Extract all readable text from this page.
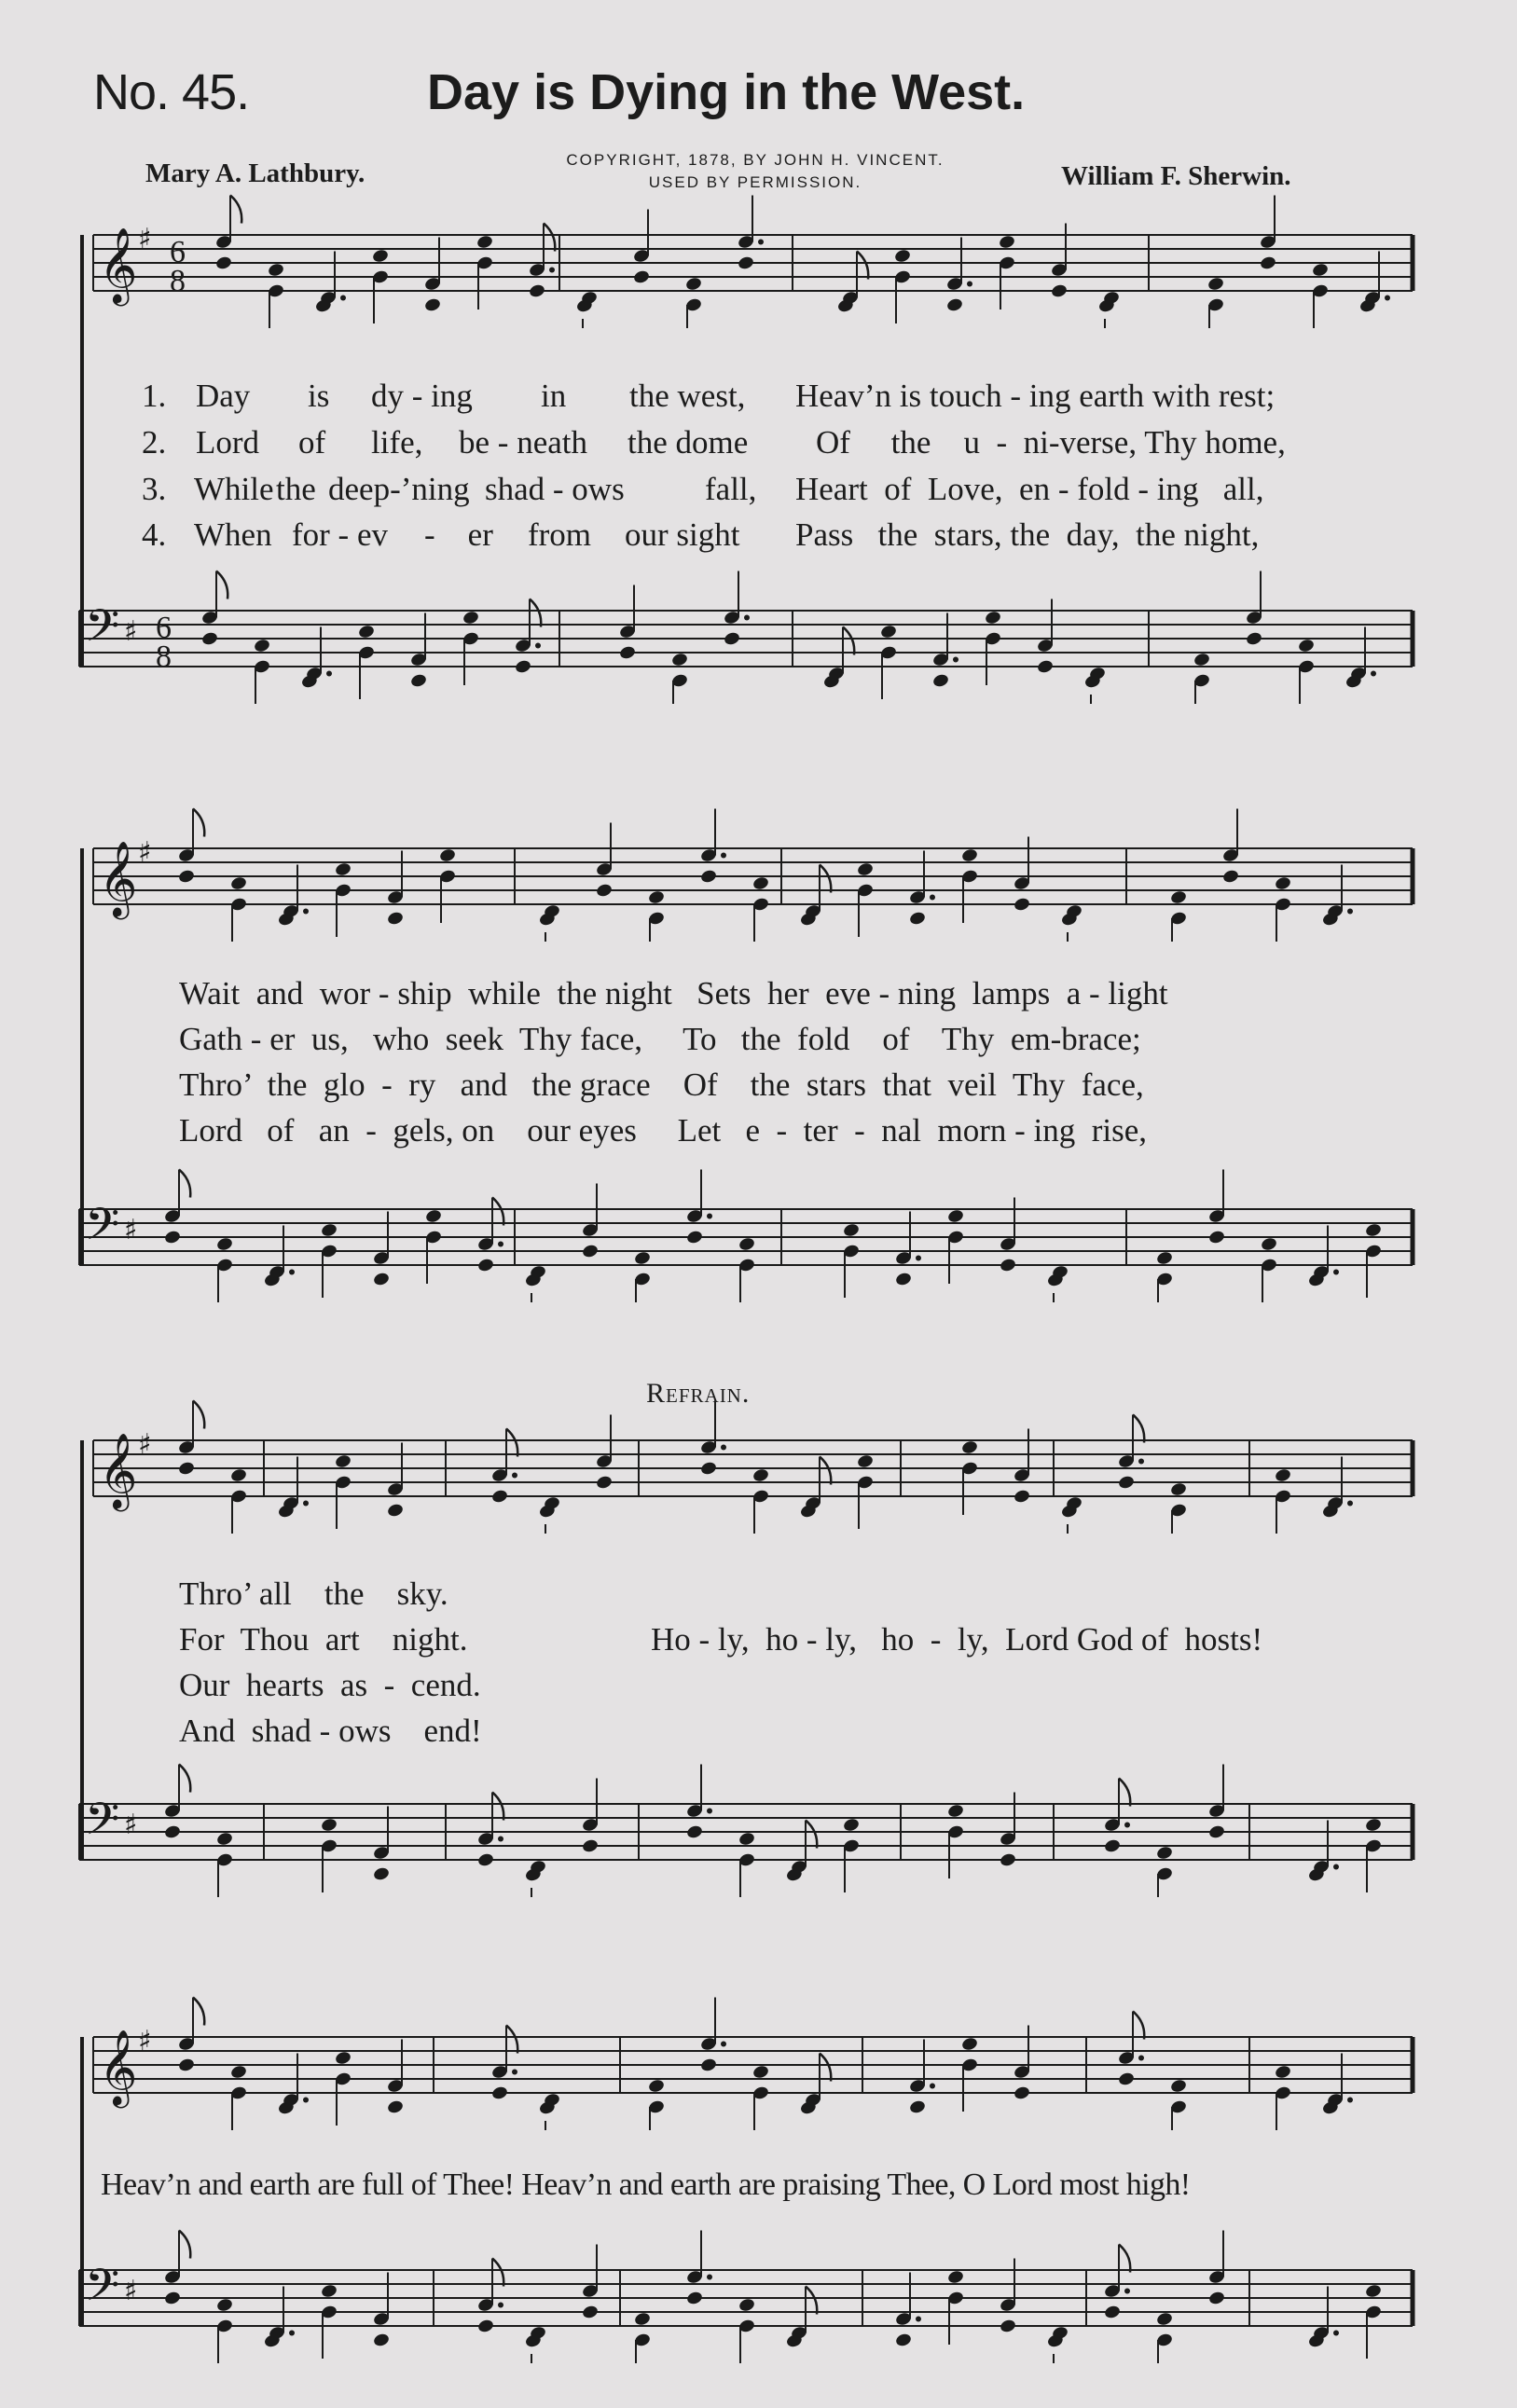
No. 45.	Day is Dying in the West.
Mary A. Lathbury.	COPYRIGHT, 1878, BY JOHN H. VINCENT.
USED BY PERMISSION.	William F. Sherwin.
𝄞 ♯ 6
8
𝄢 ♯ 6
8
𝄞 ♯
𝄢 ♯
𝄞 ♯
𝄢 ♯
𝄞 ♯
𝄢 ♯
1. Day is dy - ing in the west, Heav’n is touch - ing earth with rest;
2. Lord of life, be - neath the dome Of     the    u  -  ni-verse, Thy home,
3. While the deep-’ning shad - ows fall, Heart  of  Love,  en - fold - ing   all,
4. When for - ev -    er from our sight Pass   the  stars, the  day,  the night,
Wait  and  wor - ship  while  the night   Sets  her  eve - ning  lamps  a - light
Gath - er  us,   who  seek  Thy face,     To   the  fold    of    Thy  em-brace;
Thro’  the  glo  -  ry   and   the grace    Of    the  stars  that  veil  Thy  face,
Lord   of   an  -  gels, on    our eyes     Let   e  -  ter  -  nal  morn - ing  rise,
Refrain.
Thro’ all    the    sky.
For  Thou  art    night.
Our  hearts  as  -  cend.
And  shad - ows    end!
Ho - ly,  ho - ly,   ho  -  ly,  Lord God of  hosts!
Heav’n and earth are full of Thee! Heav’n and earth are praising Thee, O Lord most high!
